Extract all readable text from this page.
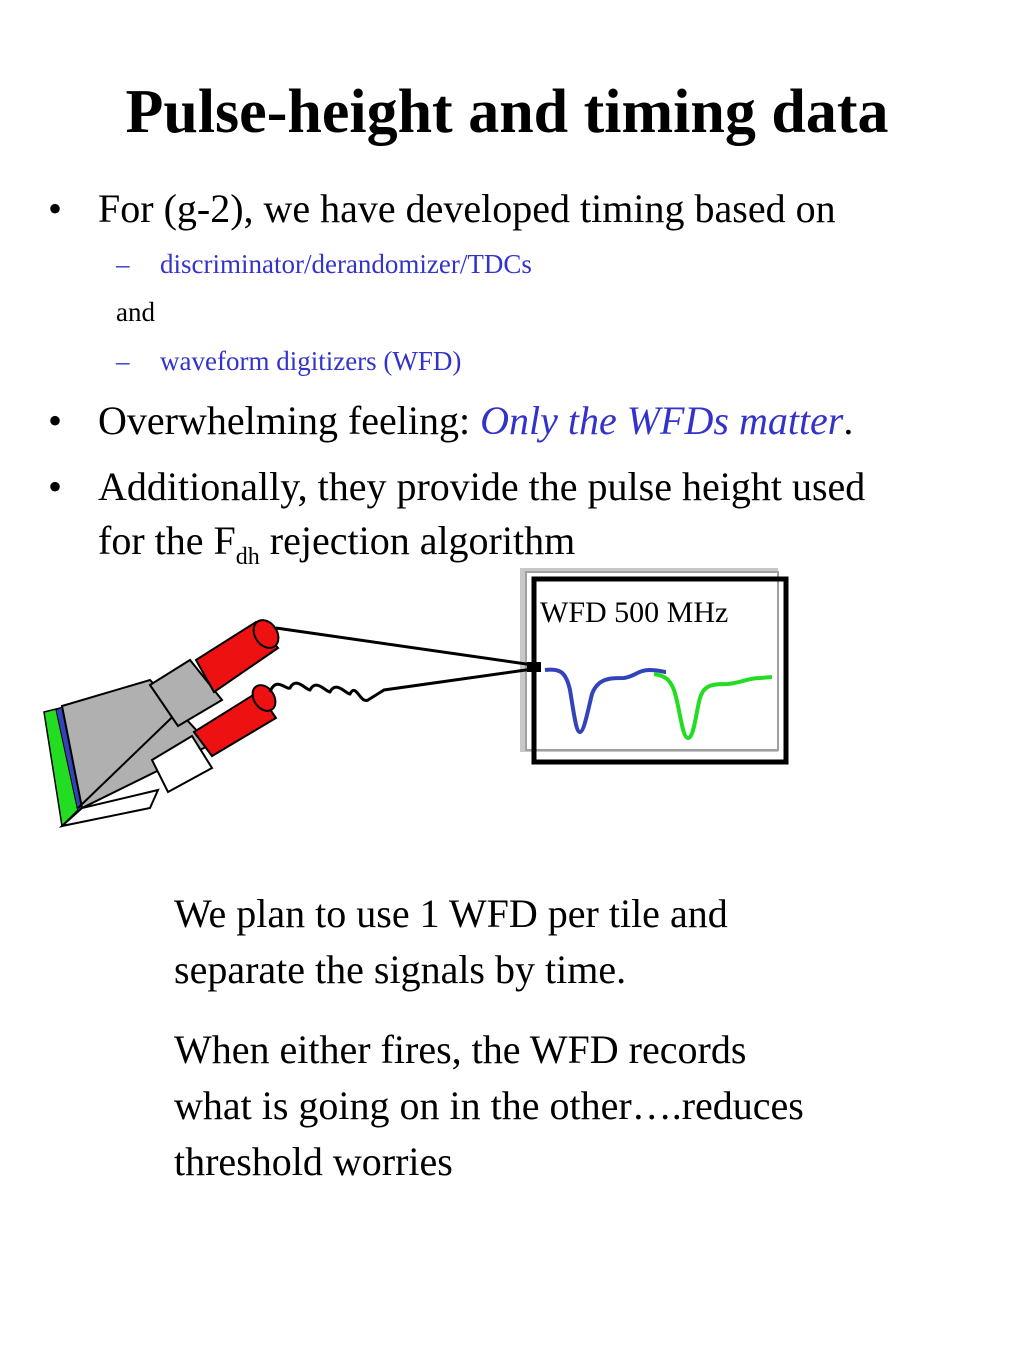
Pulse-height and timing data
• For (g-2), we have developed timing based on
– discriminator/derandomizer/TDCs
and
– waveform digitizers (WFD)
• Overwhelming feeling: Only the WFDs matter.
• Additionally, they provide the pulse height used
for the $F_{dh}$ rejection algorithm
WFD 500 MHz
We plan to use 1 WFD per tile and
separate the signals by time.
When either fires, the WFD records
what is going on in the other….reduces
threshold worries
